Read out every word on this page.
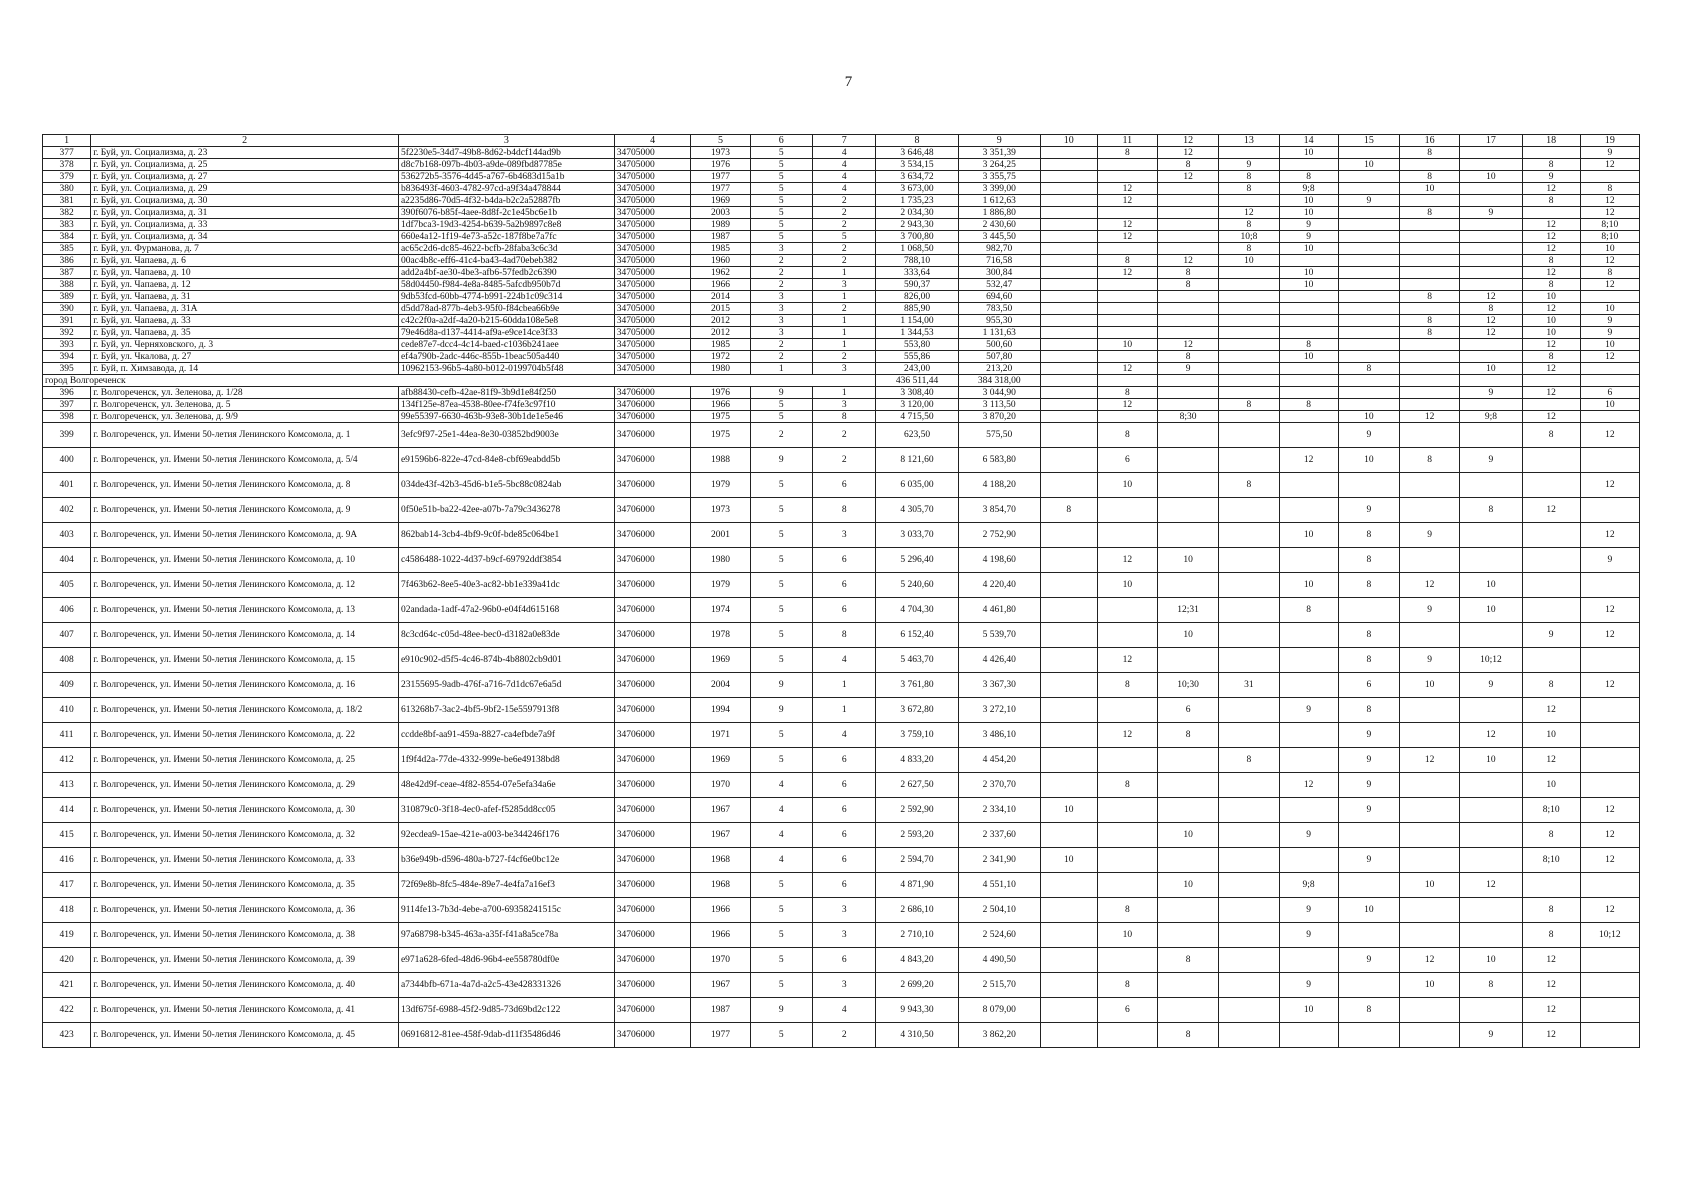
7
1	2	3	4	5	6	7	8	9	10	11	12	13	14	15	16	17	18	19
377	г. Буй, ул. Социализма, д. 23	5f2230e5-34d7-49b8-8d62-b4dcf144ad9b	34705000	1973	5	4	3 646,48	3 351,39		8	12		10		8			9
378	г. Буй, ул. Социализма, д. 25	d8c7b168-097b-4b03-a9de-089fbd87785e	34705000	1976	5	4	3 534,15	3 264,25			8	9		10			8	12
379	г. Буй, ул. Социализма, д. 27	536272b5-3576-4d45-a767-6b4683d15a1b	34705000	1977	5	4	3 634,72	3 355,75			12	8	8		8	10	9	
380	г. Буй, ул. Социализма, д. 29	b836493f-4603-4782-97cd-a9f34a478844	34705000	1977	5	4	3 673,00	3 399,00		12		8	9;8		10		12	8
381	г. Буй, ул. Социализма, д. 30	a2235d86-70d5-4f32-b4da-b2c2a52887fb	34705000	1969	5	2	1 735,23	1 612,63		12			10	9			8	12
382	г. Буй, ул. Социализма, д. 31	390f6076-b85f-4aee-8d8f-2c1e45bc6e1b	34705000	2003	5	2	2 034,30	1 886,80				12	10		8	9		12
383	г. Буй, ул. Социализма, д. 33	1df7bca3-19d3-4254-b639-5a2b9897c8e8	34705000	1989	5	2	2 943,30	2 430,60		12		8	9				12	8;10
384	г. Буй, ул. Социализма, д. 34	660e4a12-1f19-4e73-a52c-187f8be7a7fc	34705000	1987	5	5	3 700,80	3 445,50		12		10;8	9				12	8;10
385	г. Буй, ул. Фурманова, д. 7	ac65c2d6-dc85-4622-bcfb-28faba3c6c3d	34705000	1985	3	2	1 068,50	982,70				8	10				12	10
386	г. Буй, ул. Чапаева, д. 6	00ac4b8c-eff6-41c4-ba43-4ad70ebeb382	34705000	1960	2	2	788,10	716,58		8	12	10					8	12
387	г. Буй, ул. Чапаева, д. 10	add2a4bf-ae30-4be3-afb6-57fedb2c6390	34705000	1962	2	1	333,64	300,84		12	8		10				12	8
388	г. Буй, ул. Чапаева, д. 12	58d04450-f984-4e8a-8485-5afcdb950b7d	34705000	1966	2	3	590,37	532,47			8		10				8	12
389	г. Буй, ул. Чапаева, д. 31	9db53fcd-60bb-4774-b991-224b1c09c314	34705000	2014	3	1	826,00	694,60							8	12	10	
390	г. Буй, ул. Чапаева, д. 31А	d5dd78ad-877b-4eb3-95f0-f84cbea66b9e	34705000	2015	3	2	885,90	783,50								8	12	10
391	г. Буй, ул. Чапаева, д. 33	c42c2f0a-a2df-4a20-b215-60dda108e5e8	34705000	2012	3	1	1 154,00	955,30							8	12	10	9
392	г. Буй, ул. Чапаева, д. 35	79e46d8a-d137-4414-af9a-e9ce14ce3f33	34705000	2012	3	1	1 344,53	1 131,63							8	12	10	9
393	г. Буй, ул. Черняховского, д. 3	cede87e7-dcc4-4c14-baed-c1036b241aee	34705000	1985	2	1	553,80	500,60		10	12		8				12	10
394	г. Буй, ул. Чкалова, д. 27	ef4a790b-2adc-446c-855b-1beac505a440	34705000	1972	2	2	555,86	507,80			8		10				8	12
395	г. Буй, п. Химзавода, д. 14	10962153-96b5-4a80-b012-0199704b5f48	34705000	1980	1	3	243,00	213,20		12	9			8		10	12	
город Волгореченск							436 511,44	384 318,00										
396	г. Волгореченск, ул. Зеленова, д. 1/28	afb88430-cefb-42ae-81f9-3b9d1e84f250	34706000	1976	9	1	3 308,40	3 044,90		8						9	12	6
397	г. Волгореченск, ул. Зеленова, д. 5	134f125e-87ea-4538-80ee-f74fe3c97f10	34706000	1966	5	3	3 120,00	3 113,50		12		8	8					10
398	г. Волгореченск, ул. Зеленова, д. 9/9	99e55397-6630-463b-93e8-30b1de1e5e46	34706000	1975	5	8	4 715,50	3 870,20			8;30			10	12	9;8	12	
399	г. Волгореченск, ул. Имени 50-летия Ленинского Комсомола, д. 1	3efc9f97-25e1-44ea-8e30-03852bd9003e	34706000	1975	2	2	623,50	575,50		8				9			8	12
400	г. Волгореченск, ул. Имени 50-летия Ленинского Комсомола, д. 5/4	e91596b6-822e-47cd-84e8-cbf69eabdd5b	34706000	1988	9	2	8 121,60	6 583,80		6			12	10	8	9		
401	г. Волгореченск, ул. Имени 50-летия Ленинского Комсомола, д. 8	034de43f-42b3-45d6-b1e5-5bc88c0824ab	34706000	1979	5	6	6 035,00	4 188,20		10		8						12
402	г. Волгореченск, ул. Имени 50-летия Ленинского Комсомола, д. 9	0f50e51b-ba22-42ee-a07b-7a79c3436278	34706000	1973	5	8	4 305,70	3 854,70	8					9		8	12	
403	г. Волгореченск, ул. Имени 50-летия Ленинского Комсомола, д. 9А	862bab14-3cb4-4bf9-9c0f-bde85c064be1	34706000	2001	5	3	3 033,70	2 752,90					10	8	9			12
404	г. Волгореченск, ул. Имени 50-летия Ленинского Комсомола, д. 10	c4586488-1022-4d37-b9cf-69792ddf3854	34706000	1980	5	6	5 296,40	4 198,60		12	10			8				9
405	г. Волгореченск, ул. Имени 50-летия Ленинского Комсомола, д. 12	7f463b62-8ee5-40e3-ac82-bb1e339a41dc	34706000	1979	5	6	5 240,60	4 220,40		10			10	8	12	10		
406	г. Волгореченск, ул. Имени 50-летия Ленинского Комсомола, д. 13	02andada-1adf-47a2-96b0-e04f4d615168	34706000	1974	5	6	4 704,30	4 461,80			12;31		8		9	10		12
407	г. Волгореченск, ул. Имени 50-летия Ленинского Комсомола, д. 14	8c3cd64c-c05d-48ee-bec0-d3182a0e83de	34706000	1978	5	8	6 152,40	5 539,70			10			8			9	12
408	г. Волгореченск, ул. Имени 50-летия Ленинского Комсомола, д. 15	e910c902-d5f5-4c46-874b-4b8802cb9d01	34706000	1969	5	4	5 463,70	4 426,40		12				8	9	10;12		
409	г. Волгореченск, ул. Имени 50-летия Ленинского Комсомола, д. 16	23155695-9adb-476f-a716-7d1dc67e6a5d	34706000	2004	9	1	3 761,80	3 367,30		8	10;30	31		6	10	9	8	12
410	г. Волгореченск, ул. Имени 50-летия Ленинского Комсомола, д. 18/2	613268b7-3ac2-4bf5-9bf2-15e5597913f8	34706000	1994	9	1	3 672,80	3 272,10			6		9	8			12	
411	г. Волгореченск, ул. Имени 50-летия Ленинского Комсомола, д. 22	ccdde8bf-aa91-459a-8827-ca4efbde7a9f	34706000	1971	5	4	3 759,10	3 486,10		12	8			9		12	10	
412	г. Волгореченск, ул. Имени 50-летия Ленинского Комсомола, д. 25	1f9f4d2a-77de-4332-999e-be6e49138bd8	34706000	1969	5	6	4 833,20	4 454,20				8		9	12	10	12	
413	г. Волгореченск, ул. Имени 50-летия Ленинского Комсомола, д. 29	48e42d9f-ceae-4f82-8554-07e5efa34a6e	34706000	1970	4	6	2 627,50	2 370,70		8			12	9			10	
414	г. Волгореченск, ул. Имени 50-летия Ленинского Комсомола, д. 30	310879c0-3f18-4ec0-afef-f5285dd8cc05	34706000	1967	4	6	2 592,90	2 334,10	10					9			8;10	12
415	г. Волгореченск, ул. Имени 50-летия Ленинского Комсомола, д. 32	92ecdea9-15ae-421e-a003-be344246f176	34706000	1967	4	6	2 593,20	2 337,60			10		9				8	12
416	г. Волгореченск, ул. Имени 50-летия Ленинского Комсомола, д. 33	b36e949b-d596-480a-b727-f4cf6e0bc12e	34706000	1968	4	6	2 594,70	2 341,90	10					9			8;10	12
417	г. Волгореченск, ул. Имени 50-летия Ленинского Комсомола, д. 35	72f69e8b-8fc5-484e-89e7-4e4fa7a16ef3	34706000	1968	5	6	4 871,90	4 551,10			10		9;8		10	12		
418	г. Волгореченск, ул. Имени 50-летия Ленинского Комсомола, д. 36	9114fe13-7b3d-4ebe-a700-69358241515c	34706000	1966	5	3	2 686,10	2 504,10		8			9	10			8	12
419	г. Волгореченск, ул. Имени 50-летия Ленинского Комсомола, д. 38	97a68798-b345-463a-a35f-f41a8a5ce78a	34706000	1966	5	3	2 710,10	2 524,60		10			9				8	10;12
420	г. Волгореченск, ул. Имени 50-летия Ленинского Комсомола, д. 39	e971a628-6fed-48d6-96b4-ee558780df0e	34706000	1970	5	6	4 843,20	4 490,50			8			9	12	10	12	
421	г. Волгореченск, ул. Имени 50-летия Ленинского Комсомола, д. 40	a7344bfb-671a-4a7d-a2c5-43e428331326	34706000	1967	5	3	2 699,20	2 515,70		8			9		10	8	12	
422	г. Волгореченск, ул. Имени 50-летия Ленинского Комсомола, д. 41	13df675f-6988-45f2-9d85-73d69bd2c122	34706000	1987	9	4	9 943,30	8 079,00		6			10	8			12	
423	г. Волгореченск, ул. Имени 50-летия Ленинского Комсомола, д. 45	06916812-81ee-458f-9dab-d11f35486d46	34706000	1977	5	2	4 310,50	3 862,20			8					9	12	
